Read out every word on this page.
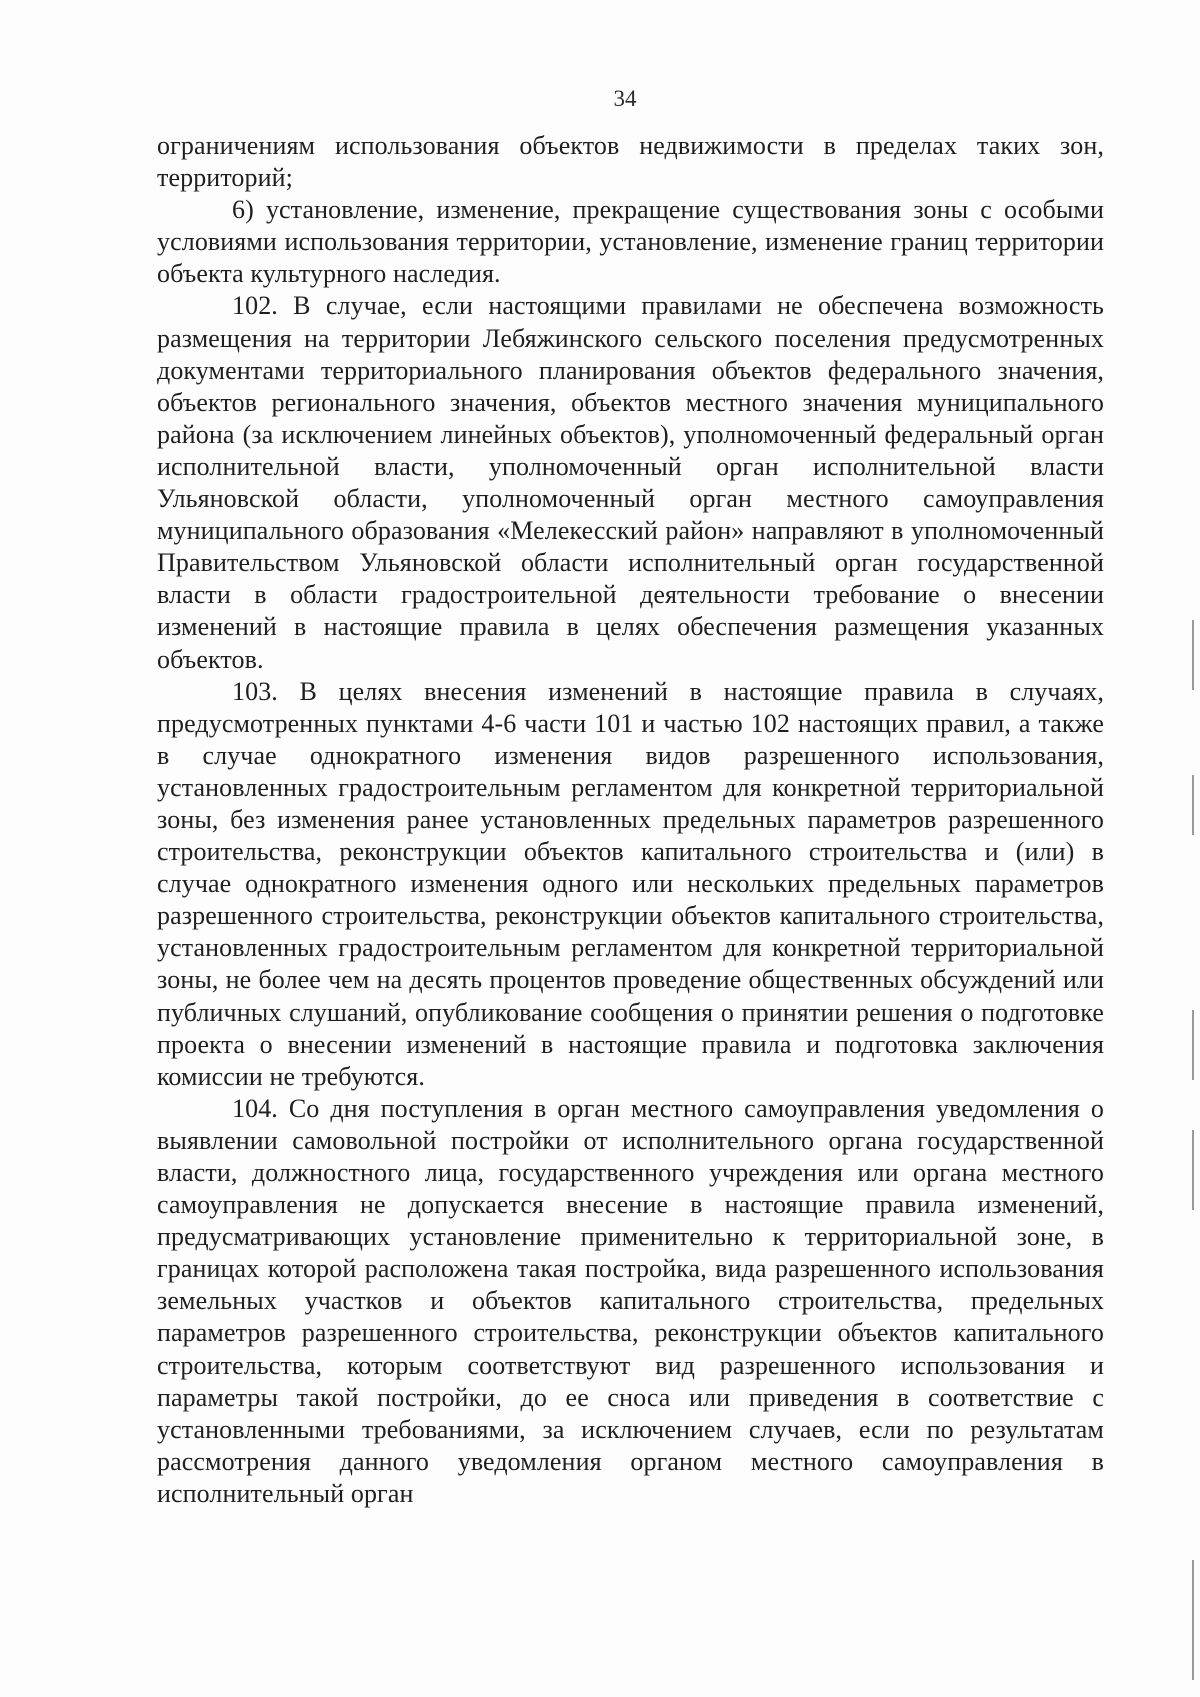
34

ограничениям использования объектов недвижимости в пределах таких зон, территорий;

6) установление, изменение, прекращение существования зоны с особыми условиями использования территории, установление, изменение границ территории объекта культурного наследия.

102. В случае, если настоящими правилами не обеспечена возможность размещения на территории Лебяжинского сельского поселения предусмотренных документами территориального планирования объектов федерального значения, объектов регионального значения, объектов местного значения муниципального района (за исключением линейных объектов), уполномоченный федеральный орган исполнительной власти, уполномоченный орган исполнительной власти Ульяновской области, уполномоченный орган местного самоуправления муниципального образования «Мелекесский район» направляют в уполномоченный Правительством Ульяновской области исполнительный орган государственной власти в области градостроительной деятельности требование о внесении изменений в настоящие правила в целях обеспечения размещения указанных объектов.

103. В целях внесения изменений в настоящие правила в случаях, предусмотренных пунктами 4-6 части 101 и частью 102 настоящих правил, а также в случае однократного изменения видов разрешенного использования, установленных градостроительным регламентом для конкретной территориальной зоны, без изменения ранее установленных предельных параметров разрешенного строительства, реконструкции объектов капитального строительства и (или) в случае однократного изменения одного или нескольких предельных параметров разрешенного строительства, реконструкции объектов капитального строительства, установленных градостроительным регламентом для конкретной территориальной зоны, не более чем на десять процентов проведение общественных обсуждений или публичных слушаний, опубликование сообщения о принятии решения о подготовке проекта о внесении изменений в настоящие правила и подготовка заключения комиссии не требуются.

104. Со дня поступления в орган местного самоуправления уведомления о выявлении самовольной постройки от исполнительного органа государственной власти, должностного лица, государственного учреждения или органа местного самоуправления не допускается внесение в настоящие правила изменений, предусматривающих установление применительно к территориальной зоне, в границах которой расположена такая постройка, вида разрешенного использования земельных участков и объектов капитального строительства, предельных параметров разрешенного строительства, реконструкции объектов капитального строительства, которым соответствуют вид разрешенного использования и параметры такой постройки, до ее сноса или приведения в соответствие с установленными требованиями, за исключением случаев, если по результатам рассмотрения данного уведомления органом местного самоуправления в исполнительный орган
